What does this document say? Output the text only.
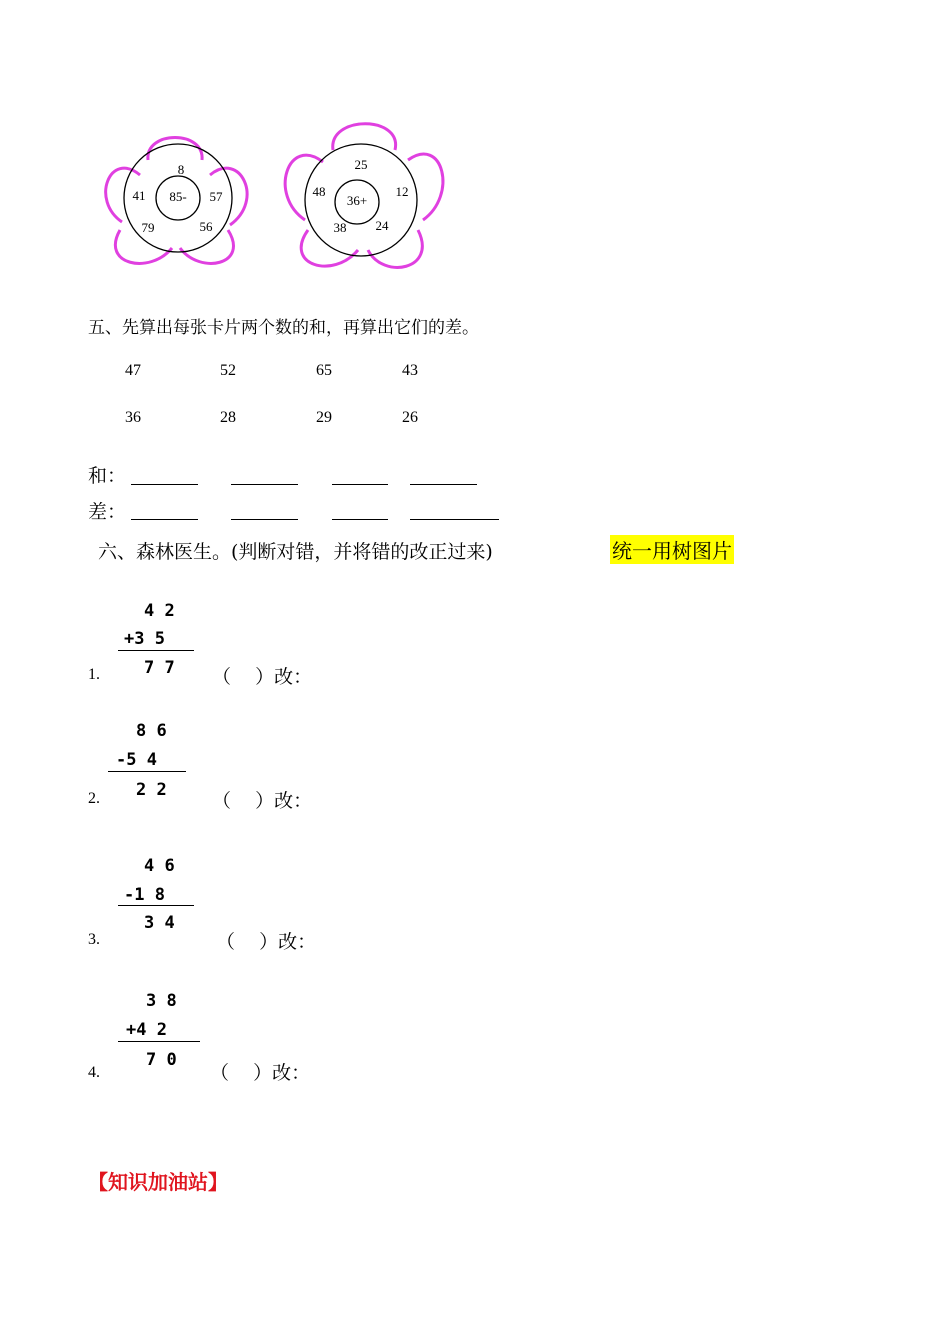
85-
8
57
56
79
41	36+
25
12
24
38
48
五、先算出每张卡片两个数的和，再算出它们的差。
47	52	65	43
36	28	29	26
和：
差：
六、森林医生。(判断对错，并将错的改正过来)	统一用树图片
4 2
+3 5
7 7
1.	（    ）改：
8 6
-5 4
2 2
2.	（    ）改：
4 6
-1 8
3 4
3.	（    ）改：
3 8
+4 2
7 0
4.	（    ）改：
【知识加油站】
